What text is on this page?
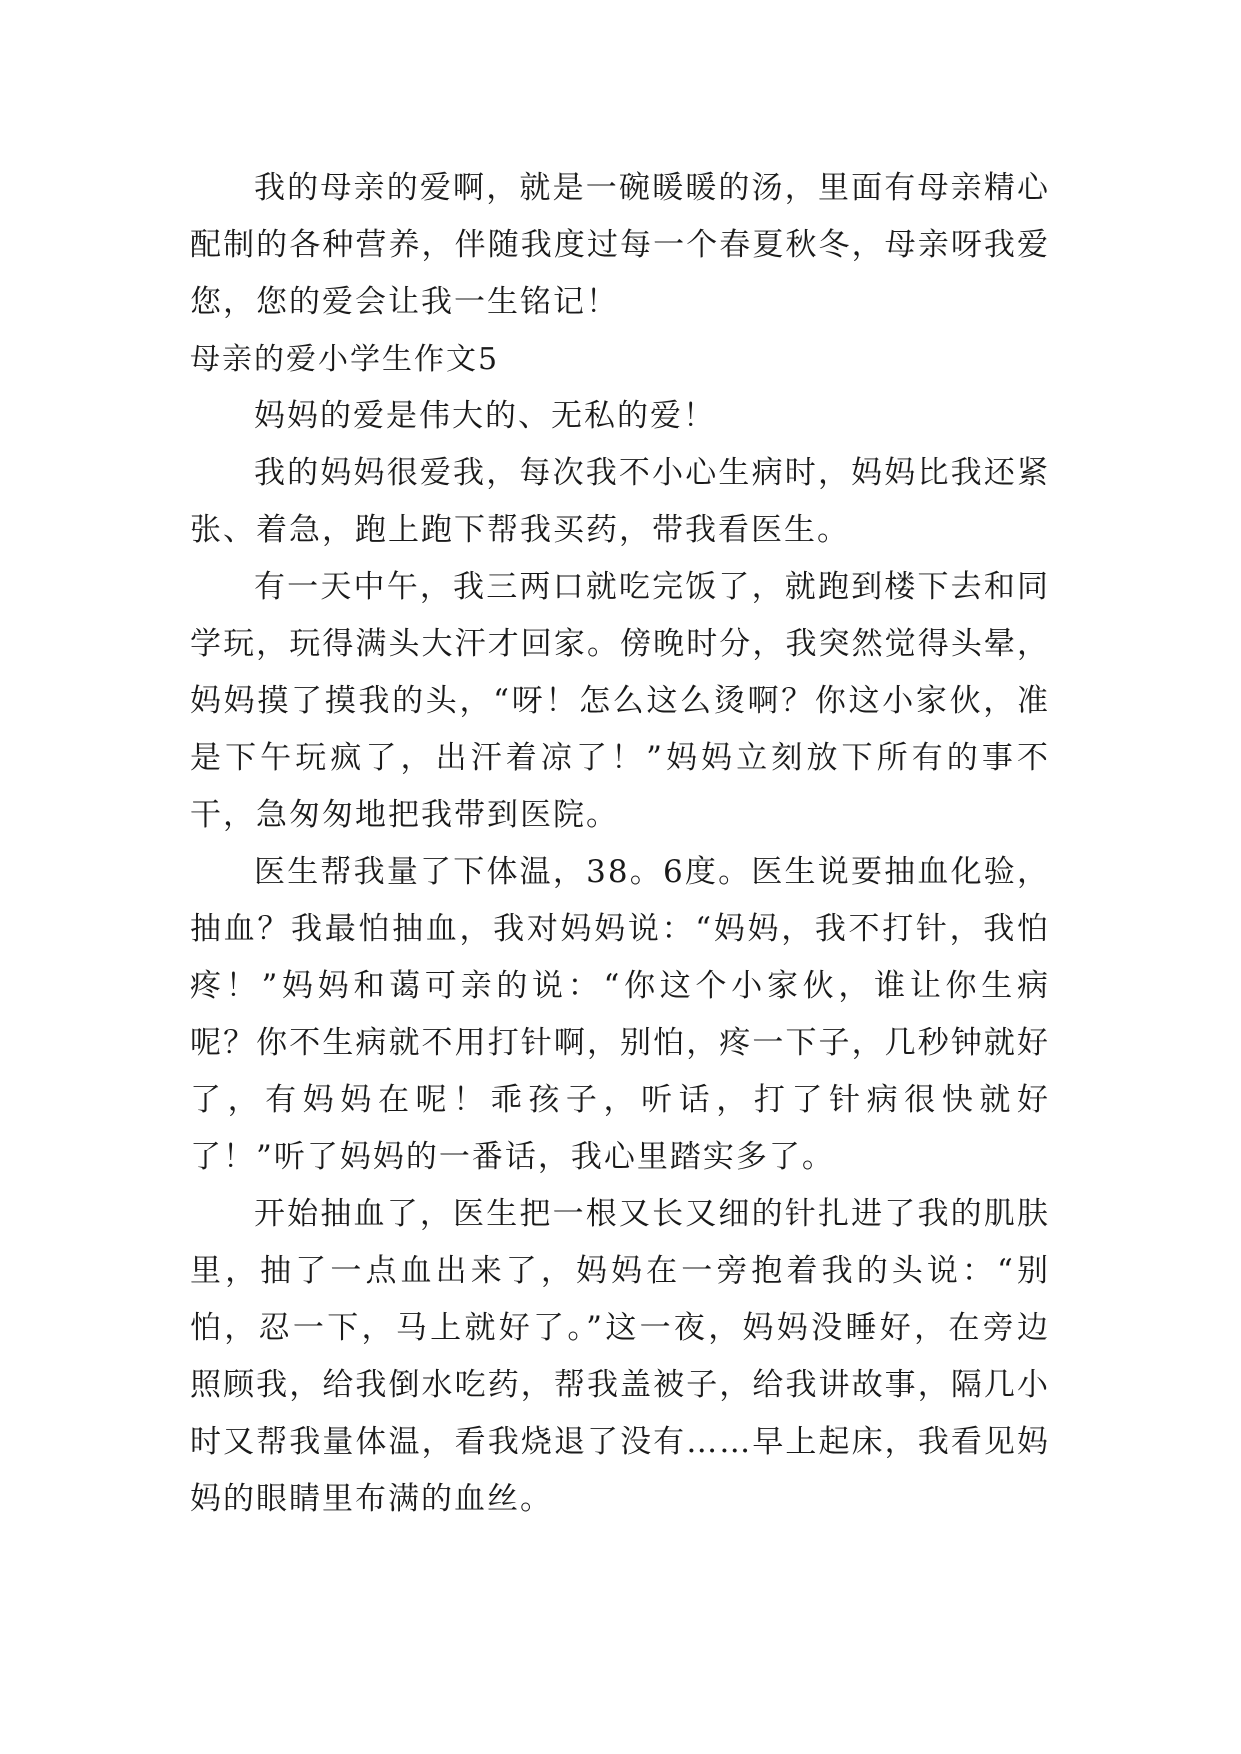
我的母亲的爱啊，就是一碗暖暖的汤，里面有母亲精心配制的各种营养，伴随我度过每一个春夏秋冬，母亲呀我爱您，您的爱会让我一生铭记！

母亲的爱小学生作文5

妈妈的爱是伟大的、无私的爱！

我的妈妈很爱我，每次我不小心生病时，妈妈比我还紧张、着急，跑上跑下帮我买药，带我看医生。

有一天中午，我三两口就吃完饭了，就跑到楼下去和同学玩，玩得满头大汗才回家。傍晚时分，我突然觉得头晕，妈妈摸了摸我的头，“呀！怎么这么烫啊？你这小家伙，准是下午玩疯了，出汗着凉了！”妈妈立刻放下所有的事不干，急匆匆地把我带到医院。

医生帮我量了下体温，38。6度。医生说要抽血化验，抽血？我最怕抽血，我对妈妈说：“妈妈，我不打针，我怕疼！”妈妈和蔼可亲的说：“你这个小家伙，谁让你生病呢？你不生病就不用打针啊，别怕，疼一下子，几秒钟就好了，有妈妈在呢！乖孩子，听话，打了针病很快就好了！”听了妈妈的一番话，我心里踏实多了。

开始抽血了，医生把一根又长又细的针扎进了我的肌肤里，抽了一点血出来了，妈妈在一旁抱着我的头说：“别怕，忍一下，马上就好了。”这一夜，妈妈没睡好，在旁边照顾我，给我倒水吃药，帮我盖被子，给我讲故事，隔几小时又帮我量体温，看我烧退了没有……早上起床，我看见妈妈的眼睛里布满的血丝。
